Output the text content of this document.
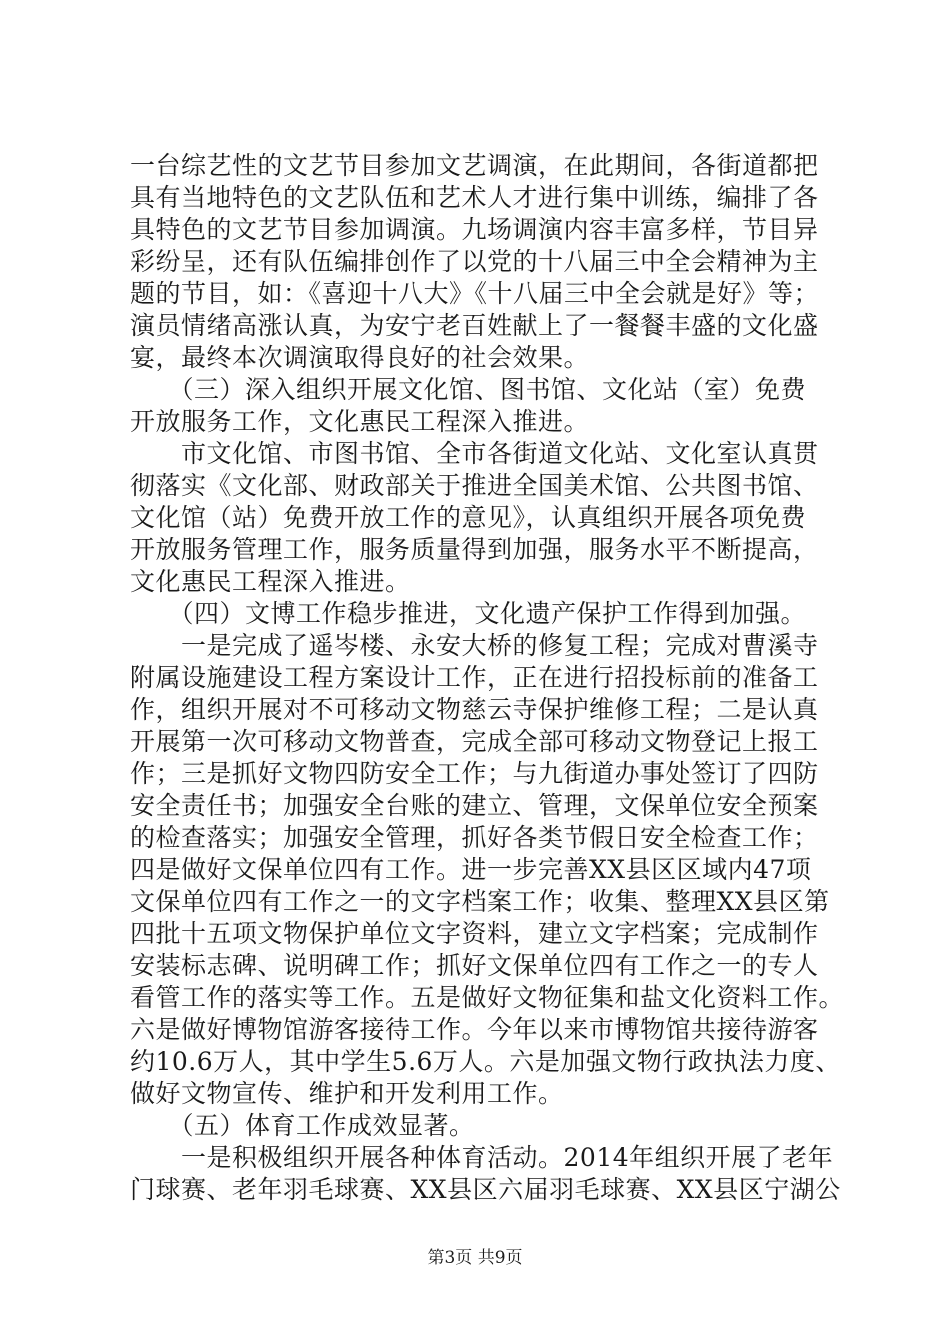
一台综艺性的文艺节目参加文艺调演，在此期间，各街道都把
具有当地特色的文艺队伍和艺术人才进行集中训练，编排了各
具特色的文艺节目参加调演。九场调演内容丰富多样，节目异
彩纷呈，还有队伍编排创作了以党的十八届三中全会精神为主
题的节目，如：《喜迎十八大》《十八届三中全会就是好》等；
演员情绪高涨认真，为安宁老百姓献上了一餐餐丰盛的文化盛
宴，最终本次调演取得良好的社会效果。
　　（三）深入组织开展文化馆、图书馆、文化站（室）免费
开放服务工作，文化惠民工程深入推进。
　　市文化馆、市图书馆、全市各街道文化站、文化室认真贯
彻落实《文化部、财政部关于推进全国美术馆、公共图书馆、
文化馆（站）免费开放工作的意见》，认真组织开展各项免费
开放服务管理工作，服务质量得到加强，服务水平不断提高，
文化惠民工程深入推进。
　　（四）文博工作稳步推进，文化遗产保护工作得到加强。
　　一是完成了遥岑楼、永安大桥的修复工程；完成对曹溪寺
附属设施建设工程方案设计工作，正在进行招投标前的准备工
作，组织开展对不可移动文物慈云寺保护维修工程；二是认真
开展第一次可移动文物普查，完成全部可移动文物登记上报工
作；三是抓好文物四防安全工作；与九街道办事处签订了四防
安全责任书；加强安全台账的建立、管理，文保单位安全预案
的检查落实；加强安全管理，抓好各类节假日安全检查工作；
四是做好文保单位四有工作。进一步完善XX县区区域内47项
文保单位四有工作之一的文字档案工作；收集、整理XX县区第
四批十五项文物保护单位文字资料，建立文字档案；完成制作
安装标志碑、说明碑工作；抓好文保单位四有工作之一的专人
看管工作的落实等工作。五是做好文物征集和盐文化资料工作。
六是做好博物馆游客接待工作。今年以来市博物馆共接待游客
约10.6万人，其中学生5.6万人。六是加强文物行政执法力度、
做好文物宣传、维护和开发利用工作。
　　（五）体育工作成效显著。
　　一是积极组织开展各种体育活动。2014年组织开展了老年
门球赛、老年羽毛球赛、XX县区六届羽毛球赛、XX县区宁湖公
第3页 共9页
